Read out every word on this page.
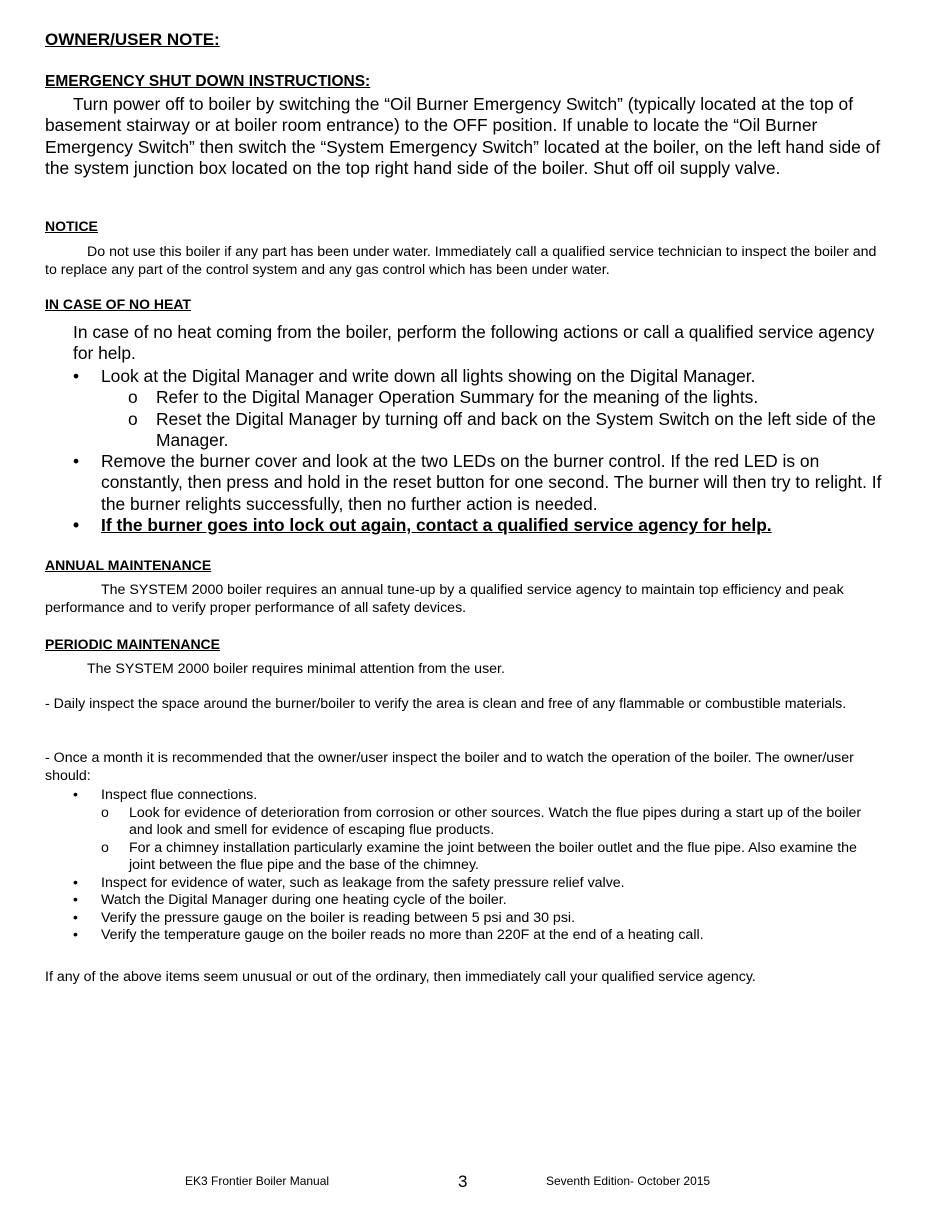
OWNER/USER NOTE:
EMERGENCY SHUT DOWN INSTRUCTIONS:

Turn power off to boiler by switching the “Oil Burner Emergency Switch” (typically located at the top of basement stairway or at boiler room entrance) to the OFF position. If unable to locate the “Oil Burner Emergency Switch” then switch the “System Emergency Switch” located at the boiler, on the left hand side of the system junction box located on the top right hand side of the boiler. Shut off oil supply valve.

NOTICE

Do not use this boiler if any part has been under water. Immediately call a qualified service technician to inspect the boiler and to replace any part of the control system and any gas control which has been under water.

IN CASE OF NO HEAT

In case of no heat coming from the boiler, perform the following actions or call a qualified service agency for help.

• Look at the Digital Manager and write down all lights showing on the Digital Manager.
o Refer to the Digital Manager Operation Summary for the meaning of the lights.
o Reset the Digital Manager by turning off and back on the System Switch on the left side of the Manager.
• Remove the burner cover and look at the two LEDs on the burner control. If the red LED is on constantly, then press and hold in the reset button for one second. The burner will then try to relight. If the burner relights successfully, then no further action is needed.
• If the burner goes into lock out again, contact a qualified service agency for help.
ANNUAL MAINTENANCE

The SYSTEM 2000 boiler requires an annual tune-up by a qualified service agency to maintain top efficiency and peak performance and to verify proper performance of all safety devices.

PERIODIC MAINTENANCE

The SYSTEM 2000 boiler requires minimal attention from the user.

- Daily inspect the space around the burner/boiler to verify the area is clean and free of any flammable or combustible materials.

- Once a month it is recommended that the owner/user inspect the boiler and to watch the operation of the boiler. The owner/user should:

• Inspect flue connections.
o Look for evidence of deterioration from corrosion or other sources. Watch the flue pipes during a start up of the boiler and look and smell for evidence of escaping flue products.
o For a chimney installation particularly examine the joint between the boiler outlet and the flue pipe. Also examine the joint between the flue pipe and the base of the chimney.
• Inspect for evidence of water, such as leakage from the safety pressure relief valve.
• Watch the Digital Manager during one heating cycle of the boiler.
• Verify the pressure gauge on the boiler is reading between 5 psi and 30 psi.
• Verify the temperature gauge on the boiler reads no more than 220F at the end of a heating call.

If any of the above items seem unusual or out of the ordinary, then immediately call your qualified service agency.

EK3 Frontier Boiler Manual	3	Seventh Edition- October 2015
